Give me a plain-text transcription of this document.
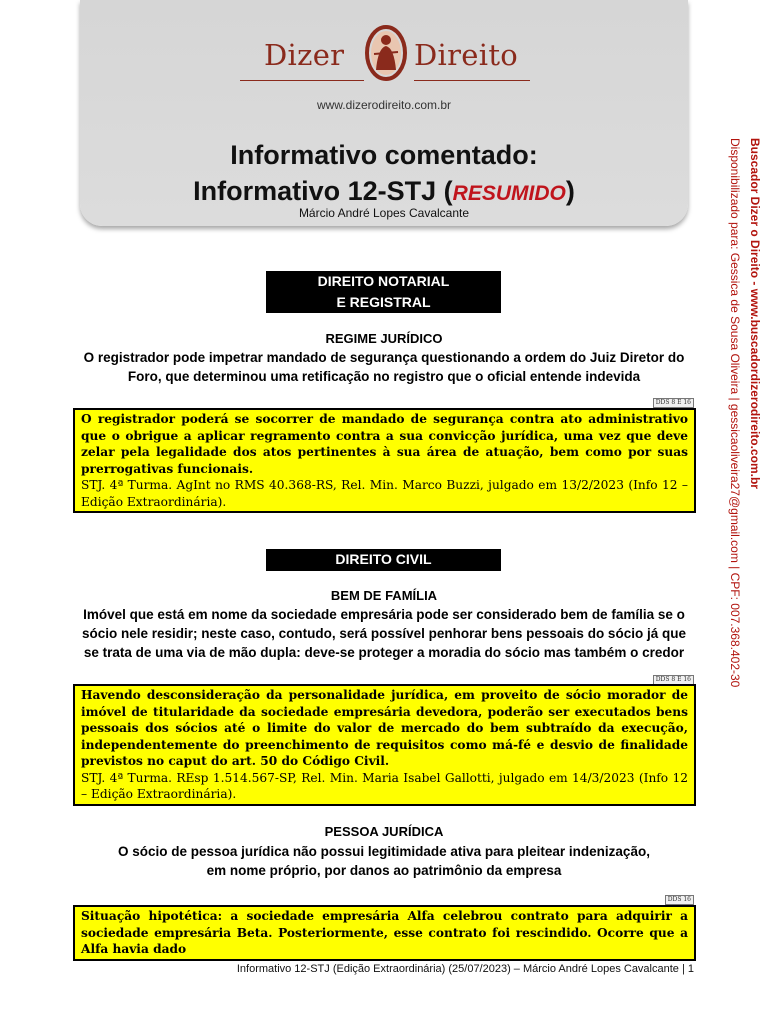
Dizer Direito
www.dizerodireito.com.br
Informativo comentado:
Informativo 12-STJ (RESUMIDO)
Márcio André Lopes Cavalcante
DIREITO NOTARIAL
E REGISTRAL
REGIME JURÍDICO
O registrador pode impetrar mandado de segurança questionando a ordem do Juiz Diretor do Foro, que determinou uma retificação no registro que o oficial entende indevida
DDS 8 E 16
O registrador poderá se socorrer de mandado de segurança contra ato administrativo que o obrigue a aplicar regramento contra a sua convicção jurídica, uma vez que deve zelar pela legalidade dos atos pertinentes à sua área de atuação, bem como por suas prerrogativas funcionais.
STJ. 4ª Turma. AgInt no RMS 40.368-RS, Rel. Min. Marco Buzzi, julgado em 13/2/2023 (Info 12 – Edição Extraordinária).
DIREITO CIVIL
BEM DE FAMÍLIA
Imóvel que está em nome da sociedade empresária pode ser considerado bem de família se o sócio nele residir; neste caso, contudo, será possível penhorar bens pessoais do sócio já que se trata de uma via de mão dupla: deve-se proteger a moradia do sócio mas também o credor
DDS 8 E 16
Havendo desconsideração da personalidade jurídica, em proveito de sócio morador de imóvel de titularidade da sociedade empresária devedora, poderão ser executados bens pessoais dos sócios até o limite do valor de mercado do bem subtraído da execução, independentemente do preenchimento de requisitos como má-fé e desvio de finalidade previstos no caput do art. 50 do Código Civil.
STJ. 4ª Turma. REsp 1.514.567-SP, Rel. Min. Maria Isabel Gallotti, julgado em 14/3/2023 (Info 12 – Edição Extraordinária).
PESSOA JURÍDICA
O sócio de pessoa jurídica não possui legitimidade ativa para pleitear indenização, em nome próprio, por danos ao patrimônio da empresa
DDS 16
Situação hipotética: a sociedade empresária Alfa celebrou contrato para adquirir a sociedade empresária Beta. Posteriormente, esse contrato foi rescindido. Ocorre que a Alfa havia dado
Buscador Dizer o Direito - www.buscadordizerodireito.com.br
Disponibilizado para: Gessica de Sousa Oliveira | gessicaoliveira27@gmail.com | CPF: 007.368.402-30
Informativo 12-STJ (Edição Extraordinária) (25/07/2023) – Márcio André Lopes Cavalcante | 1
